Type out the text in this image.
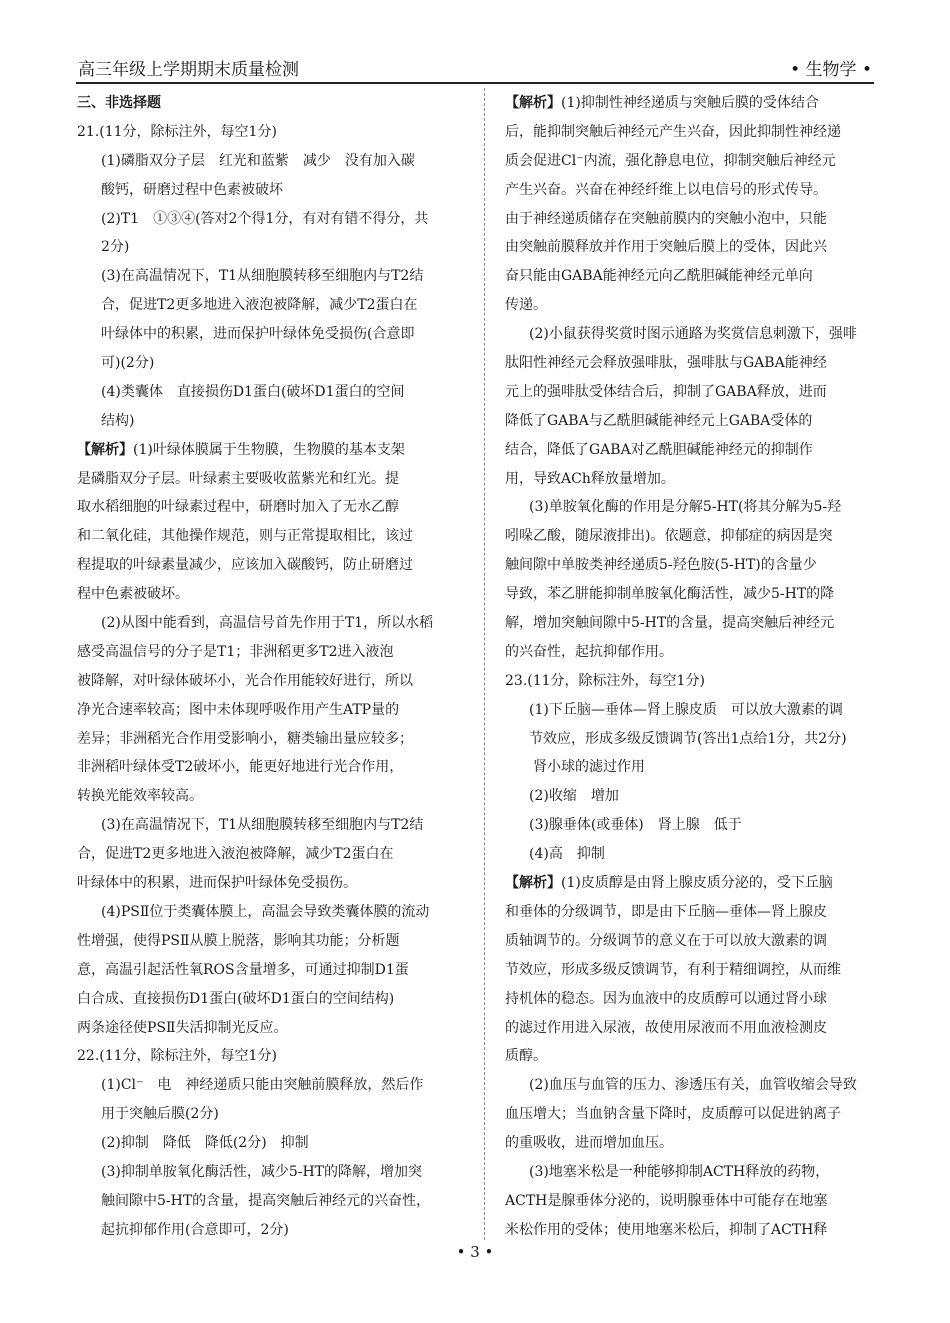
高三年级上学期期末质量检测	• 生物学 •
三、非选择题
21.(11分，除标注外，每空1分)
(1)磷脂双分子层　红光和蓝紫　减少　没有加入碳
酸钙，研磨过程中色素被破坏
(2)T1　①③④(答对2个得1分，有对有错不得分，共
2分)
(3)在高温情况下，T1从细胞膜转移至细胞内与T2结
合，促进T2更多地进入液泡被降解，减少T2蛋白在
叶绿体中的积累，进而保护叶绿体免受损伤(合意即
可)(2分)
(4)类囊体　直接损伤D1蛋白(破坏D1蛋白的空间
结构)
【解析】(1)叶绿体膜属于生物膜，生物膜的基本支架
是磷脂双分子层。叶绿素主要吸收蓝紫光和红光。提
取水稻细胞的叶绿素过程中，研磨时加入了无水乙醇
和二氧化硅，其他操作规范，则与正常提取相比，该过
程提取的叶绿素量减少，应该加入碳酸钙，防止研磨过
程中色素被破坏。
(2)从图中能看到，高温信号首先作用于T1，所以水稻
感受高温信号的分子是T1；非洲稻更多T2进入液泡
被降解，对叶绿体破坏小，光合作用能较好进行，所以
净光合速率较高；图中未体现呼吸作用产生ATP量的
差异；非洲稻光合作用受影响小，糖类输出量应较多；
非洲稻叶绿体受T2破坏小，能更好地进行光合作用，
转换光能效率较高。
(3)在高温情况下，T1从细胞膜转移至细胞内与T2结
合，促进T2更多地进入液泡被降解，减少T2蛋白在
叶绿体中的积累，进而保护叶绿体免受损伤。
(4)PSⅡ位于类囊体膜上，高温会导致类囊体膜的流动
性增强，使得PSⅡ从膜上脱落，影响其功能；分析题
意，高温引起活性氧ROS含量增多，可通过抑制D1蛋
白合成、直接损伤D1蛋白(破坏D1蛋白的空间结构)
两条途径使PSⅡ失活抑制光反应。
22.(11分，除标注外，每空1分)
(1)Cl⁻　电　神经递质只能由突触前膜释放，然后作
用于突触后膜(2分)
(2)抑制　降低　降低(2分)　抑制
(3)抑制单胺氧化酶活性，减少5-HT的降解，增加突
触间隙中5-HT的含量，提高突触后神经元的兴奋性，
起抗抑郁作用(合意即可，2分)
【解析】(1)抑制性神经递质与突触后膜的受体结合
后，能抑制突触后神经元产生兴奋，因此抑制性神经递
质会促进Cl⁻内流，强化静息电位，抑制突触后神经元
产生兴奋。兴奋在神经纤维上以电信号的形式传导。
由于神经递质储存在突触前膜内的突触小泡中，只能
由突触前膜释放并作用于突触后膜上的受体，因此兴
奋只能由GABA能神经元向乙酰胆碱能神经元单向
传递。
(2)小鼠获得奖赏时图示通路为奖赏信息刺激下，强啡
肽阳性神经元会释放强啡肽，强啡肽与GABA能神经
元上的强啡肽受体结合后，抑制了GABA释放，进而
降低了GABA与乙酰胆碱能神经元上GABA受体的
结合，降低了GABA对乙酰胆碱能神经元的抑制作
用，导致ACh释放量增加。
(3)单胺氧化酶的作用是分解5-HT(将其分解为5-羟
吲哚乙酸，随尿液排出)。依题意，抑郁症的病因是突
触间隙中单胺类神经递质5-羟色胺(5-HT)的含量少
导致，苯乙肼能抑制单胺氧化酶活性，减少5-HT的降
解，增加突触间隙中5-HT的含量，提高突触后神经元
的兴奋性，起抗抑郁作用。
23.(11分，除标注外，每空1分)
(1)下丘脑—垂体—肾上腺皮质　可以放大激素的调
节效应，形成多级反馈调节(答出1点给1分，共2分)
肾小球的滤过作用
(2)收缩　增加
(3)腺垂体(或垂体)　肾上腺　低于
(4)高　抑制
【解析】(1)皮质醇是由肾上腺皮质分泌的，受下丘脑
和垂体的分级调节，即是由下丘脑—垂体—肾上腺皮
质轴调节的。分级调节的意义在于可以放大激素的调
节效应，形成多级反馈调节，有利于精细调控，从而维
持机体的稳态。因为血液中的皮质醇可以通过肾小球
的滤过作用进入尿液，故使用尿液而不用血液检测皮
质醇。
(2)血压与血管的压力、渗透压有关，血管收缩会导致
血压增大；当血钠含量下降时，皮质醇可以促进钠离子
的重吸收，进而增加血压。
(3)地塞米松是一种能够抑制ACTH释放的药物，
ACTH是腺垂体分泌的，说明腺垂体中可能存在地塞
米松作用的受体；使用地塞米松后，抑制了ACTH释
• 3 •
